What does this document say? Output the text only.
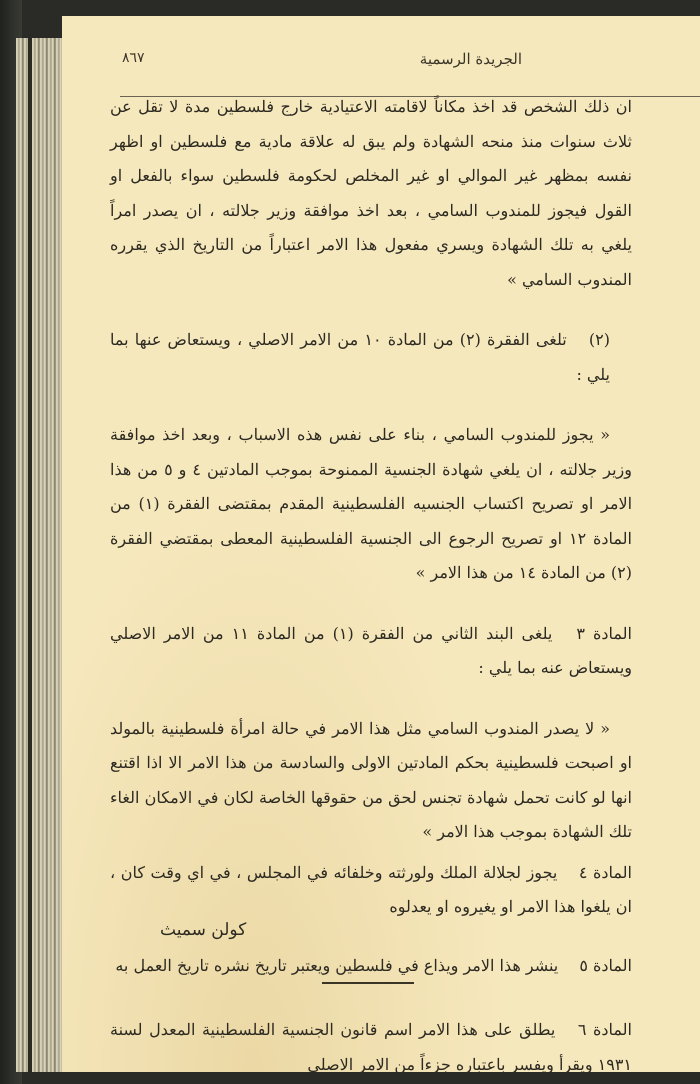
الجريدة الرسمية
٨٦٧

ان ذلك الشخص قد اخذ مكاناً لاقامته الاعتيادية خارج فلسطين مدة لا تقل عن ثلاث سنوات منذ منحه الشهادة ولم يبق له علاقة مادية مع فلسطين او اظهر نفسه بمظهر غير الموالي او غير المخلص لحكومة فلسطين سواء بالفعل او القول فيجوز للمندوب السامي ، بعد اخذ موافقة وزير جلالته ، ان يصدر امراً يلغي به تلك الشهادة ويسري مفعول هذا الامر اعتباراً من التاريخ الذي يقرره المندوب السامي »

(٢) تلغى الفقرة (٢) من المادة ١٠ من الامر الاصلي ، ويستعاض عنها بما يلي :

« يجوز للمندوب السامي ، بناء على نفس هذه الاسباب ، وبعد اخذ موافقة وزير جلالته ، ان يلغي شهادة الجنسية الممنوحة بموجب المادتين ٤ و ٥ من هذا الامر او تصريح اكتساب الجنسيه الفلسطينية المقدم بمقتضى الفقرة (١) من المادة ١٢ او تصريح الرجوع الى الجنسية الفلسطينية المعطى بمقتضي الفقرة (٢) من المادة ١٤ من هذا الامر »

المادة ٣ يلغى البند الثاني من الفقرة (١) من المادة ١١ من الامر الاصلي ويستعاض عنه بما يلي :

« لا يصدر المندوب السامي مثل هذا الامر في حالة امرأة فلسطينية بالمولد او اصبحت فلسطينية بحكم المادتين الاولى والسادسة من هذا الامر الا اذا اقتنع انها لو كانت تحمل شهادة تجنس لحق من حقوقها الخاصة لكان في الامكان الغاء تلك الشهادة بموجب هذا الامر »

المادة ٤ يجوز لجلالة الملك ولورثته وخلفائه في المجلس ، في اي وقت كان ، ان يلغوا هذا الامر او يغيروه او يعدلوه

المادة ٥ ينشر هذا الامر ويذاع في فلسطين ويعتبر تاريخ نشره تاريخ العمل به

المادة ٦ يطلق على هذا الامر اسم قانون الجنسية الفلسطينية المعدل لسنة ١٩٣١ ويقرأ ويفسر باعتباره جزءاً من الامر الاصلي

كولن سميث
